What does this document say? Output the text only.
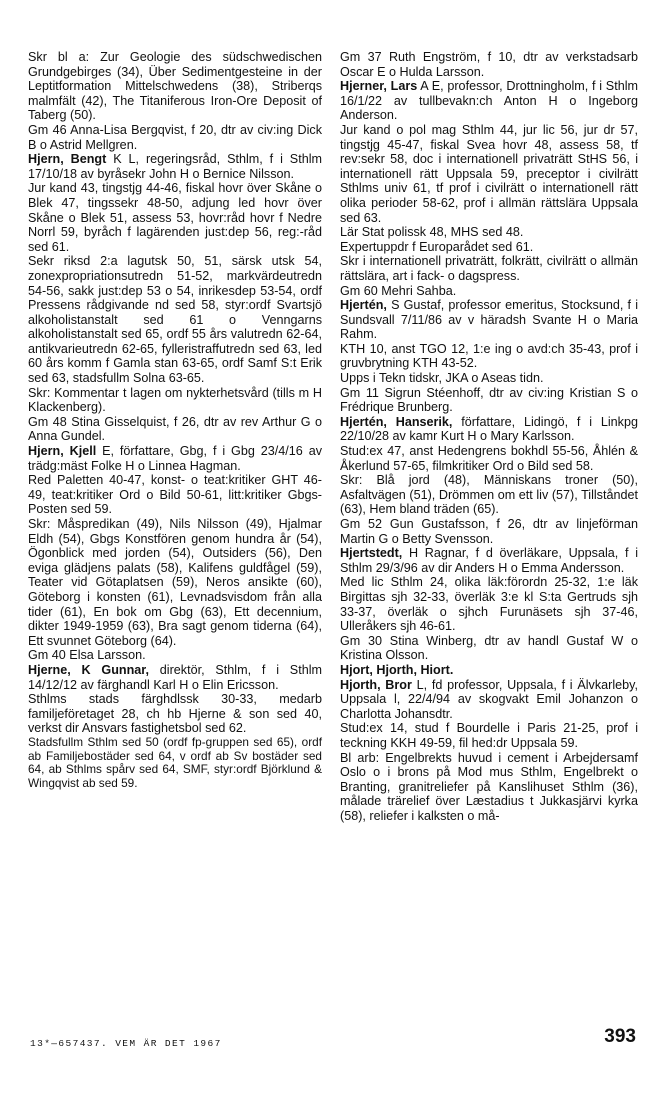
Skr bl a: Zur Geologie des südschwedischen Grundgebirges (34), Über Sedimentgesteine in der Leptitformation Mittelschwedens (38), Striberqs malmfält (42), The Titaniferous Iron-Ore Deposit of Taberg (50).

Gm 46 Anna-Lisa Bergqvist, f 20, dtr av civ:ing Dick B o Astrid Mellgren.

Hjern, Bengt K L, regeringsråd, Sthlm, f i Sthlm 17/10/18 av byråsekr John H o Bernice Nilsson.

Jur kand 43, tingstjg 44-46, fiskal hovr över Skåne o Blek 47, tingssekr 48-50, adjung led hovr över Skåne o Blek 51, assess 53, hovr:råd hovr f Nedre Norrl 59, byråch f lagärenden just:dep 56, reg:-råd sed 61.

Sekr riksd 2:a lagutsk 50, 51, särsk utsk 54, zonexpropriationsutredn 51-52, markvärdeutredn 54-56, sakk just:dep 53 o 54, inrikesdep 53-54, ordf Pressens rådgivande nd sed 58, styr:ordf Svartsjö alkoholistanstalt sed 61 o Venngarns alkoholistanstalt sed 65, ordf 55 års valutredn 62-64, antikvarieutredn 62-65, fylleristraffutredn sed 63, led 60 års komm f Gamla stan 63-65, ordf Samf S:t Erik sed 63, stadsfullm Solna 63-65.

Skr: Kommentar t lagen om nykterhetsvård (tills m H Klackenberg).

Gm 48 Stina Gisselquist, f 26, dtr av rev Arthur G o Anna Gundel.

Hjern, Kjell E, författare, Gbg, f i Gbg 23/4/16 av trädg:mäst Folke H o Linnea Hagman.

Red Paletten 40-47, konst- o teat:kritiker GHT 46-49, teat:kritiker Ord o Bild 50-61, litt:kritiker Gbgs-Posten sed 59.

Skr: Måspredikan (49), Nils Nilsson (49), Hjalmar Eldh (54), Gbgs Konstfören genom hundra år (54), Ögonblick med jorden (54), Outsiders (56), Den eviga glädjens palats (58), Kalifens guldfågel (59), Teater vid Götaplatsen (59), Neros ansikte (60), Göteborg i konsten (61), Levnadsvisdom från alla tider (61), En bok om Gbg (63), Ett decennium, dikter 1949-1959 (63), Bra sagt genom tiderna (64), Ett svunnet Göteborg (64).

Gm 40 Elsa Larsson.

Hjerne, K Gunnar, direktör, Sthlm, f i Sthlm 14/12/12 av färghandl Karl H o Elin Ericsson.

Sthlms stads färghdlssk 30-33, medarb familjeföretaget 28, ch hb Hjerne & son sed 40, verkst dir Ansvars fastighetsbol sed 62.

Stadsfullm Sthlm sed 50 (ordf fp-gruppen sed 65), ordf ab Familjebostäder sed 64, v ordf ab Sv bostäder sed 64, ab Sthlms spårv sed 64, SMF, styr:ordf Björklund & Wingqvist ab sed 59.

Gm 37 Ruth Engström, f 10, dtr av verkstadsarb Oscar E o Hulda Larsson.

Hjerner, Lars A E, professor, Drottningholm, f i Sthlm 16/1/22 av tullbevakn:ch Anton H o Ingeborg Anderson.

Jur kand o pol mag Sthlm 44, jur lic 56, jur dr 57, tingstjg 45-47, fiskal Svea hovr 48, assess 58, tf rev:sekr 58, doc i internationell privaträtt StHS 56, i internationell rätt Uppsala 59, preceptor i civilrätt Sthlms univ 61, tf prof i civilrätt o internationell rätt olika perioder 58-62, prof i allmän rättslära Uppsala sed 63.

Lär Stat polissk 48, MHS sed 48.

Expertuppdr f Europarådet sed 61.

Skr i internationell privaträtt, folkrätt, civilrätt o allmän rättslära, art i fack- o dagspress.

Gm 60 Mehri Sahba.

Hjertén, S Gustaf, professor emeritus, Stocksund, f i Sundsvall 7/11/86 av v häradsh Svante H o Maria Rahm.

KTH 10, anst TGO 12, 1:e ing o avd:ch 35-43, prof i gruvbrytning KTH 43-52.

Upps i Tekn tidskr, JKA o Aseas tidn.

Gm 11 Sigrun Stéenhoff, dtr av civ:ing Kristian S o Frédrique Brunberg.

Hjertén, Hanserik, författare, Lidingö, f i Linkpg 22/10/28 av kamr Kurt H o Mary Karlsson.

Stud:ex 47, anst Hedengrens bokhdl 55-56, Åhlén & Åkerlund 57-65, filmkritiker Ord o Bild sed 58.

Skr: Blå jord (48), Människans troner (50), Asfaltvägen (51), Drömmen om ett liv (57), Tillståndet (63), Hem bland träden (65).

Gm 52 Gun Gustafsson, f 26, dtr av linjeförman Martin G o Betty Svensson.

Hjertstedt, H Ragnar, f d överläkare, Uppsala, f i Sthlm 29/3/96 av dir Anders H o Emma Andersson.

Med lic Sthlm 24, olika läk:förordn 25-32, 1:e läk Birgittas sjh 32-33, överläk 3:e kl S:ta Gertruds sjh 33-37, överläk o sjhch Furunäsets sjh 37-46, Ulleråkers sjh 46-61.

Gm 30 Stina Winberg, dtr av handl Gustaf W o Kristina Olsson.

Hjort, Hjorth, Hiort.

Hjorth, Bror L, fd professor, Uppsala, f i Älvkarleby, Uppsala l, 22/4/94 av skogvakt Emil Johanzon o Charlotta Johansdtr.

Stud:ex 14, stud f Bourdelle i Paris 21-25, prof i teckning KKH 49-59, fil hed:dr Uppsala 59.

Bl arb: Engelbrekts huvud i cement i Arbejdersamf Oslo o i brons på Mod mus Sthlm, Engelbrekt o Branting, granitreliefer på Kanslihuset Sthlm (36), målade trärelief över Læstadius t Jukkasjärvi kyrka (58), reliefer i kalksten o må-

13*—657437. VEM ÄR DET 1967	393
